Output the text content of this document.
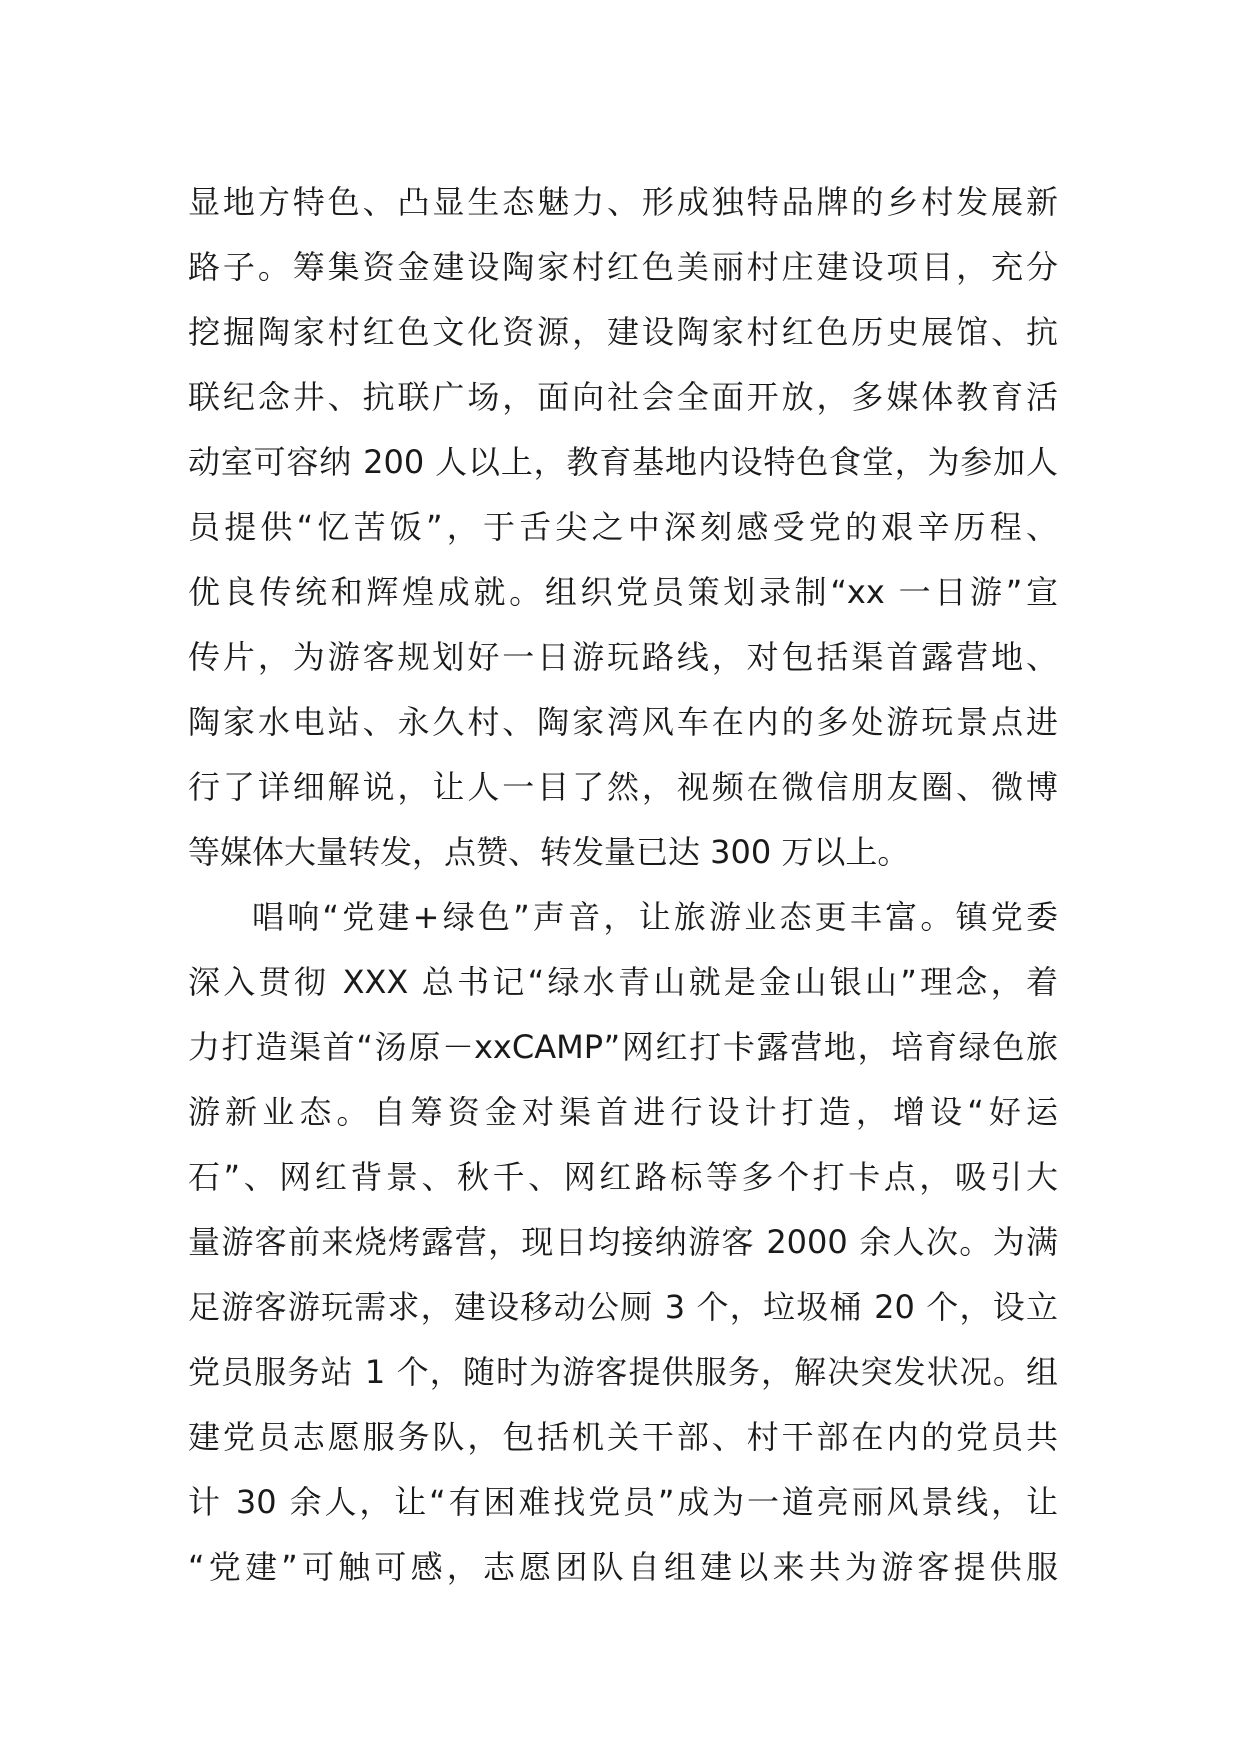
显地方特色、凸显生态魅力、形成独特品牌的乡村发展新
路子。筹集资金建设陶家村红色美丽村庄建设项目，充分
挖掘陶家村红色文化资源，建设陶家村红色历史展馆、抗
联纪念井、抗联广场，面向社会全面开放，多媒体教育活
动室可容纳 200 人以上，教育基地内设特色食堂，为参加人
员提供“忆苦饭”，于舌尖之中深刻感受党的艰辛历程、
优良传统和辉煌成就。组织党员策划录制“xx 一日游”宣
传片，为游客规划好一日游玩路线，对包括渠首露营地、
陶家水电站、永久村、陶家湾风车在内的多处游玩景点进
行了详细解说，让人一目了然，视频在微信朋友圈、微博
等媒体大量转发，点赞、转发量已达 300 万以上。
唱响“党建+绿色”声音，让旅游业态更丰富。镇党委
深入贯彻 XXX 总书记“绿水青山就是金山银山”理念，着
力打造渠首“汤原－xxCAMP”网红打卡露营地，培育绿色旅
游新业态。自筹资金对渠首进行设计打造，增设“好运
石”、网红背景、秋千、网红路标等多个打卡点，吸引大
量游客前来烧烤露营，现日均接纳游客 2000 余人次。为满
足游客游玩需求，建设移动公厕 3 个，垃圾桶 20 个，设立
党员服务站 1 个，随时为游客提供服务，解决突发状况。组
建党员志愿服务队，包括机关干部、村干部在内的党员共
计 30 余人，让“有困难找党员”成为一道亮丽风景线，让
“党建”可触可感，志愿团队自组建以来共为游客提供服
